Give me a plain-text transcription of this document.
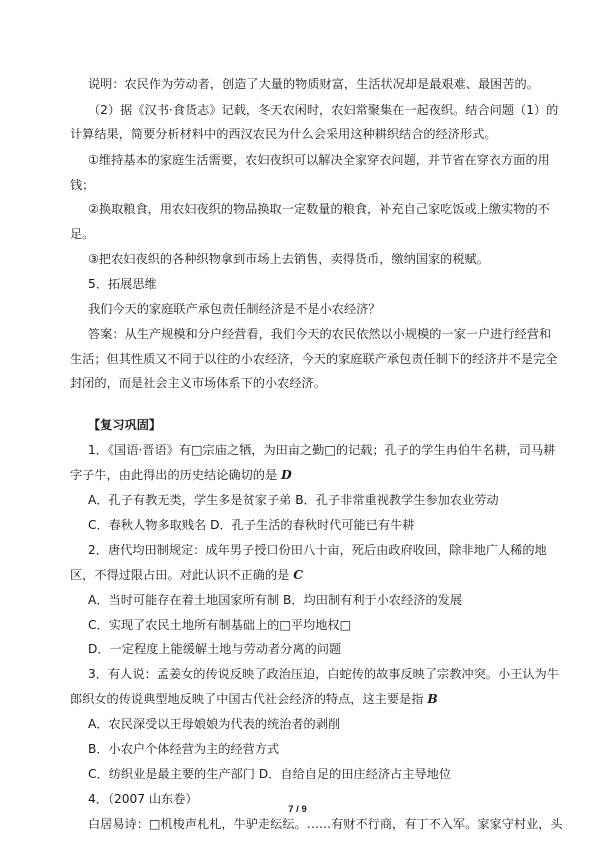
说明：农民作为劳动者，创造了大量的物质财富，生活状况却是最艰难、最困苦的。
（2）据《汉书·食货志》记载，冬天农闲时，农妇常聚集在一起夜织。结合问题（1）的
计算结果，简要分析材料中的西汉农民为什么会采用这种耕织结合的经济形式。
①维持基本的家庭生活需要，农妇夜织可以解决全家穿衣问题，并节省在穿衣方面的用
钱；
②换取粮食，用农妇夜织的物品换取一定数量的粮食，补充自己家吃饭或上缴实物的不
足。
③把农妇夜织的各种织物拿到市场上去销售，卖得货币，缴纳国家的税赋。
5．拓展思维
我们今天的家庭联产承包责任制经济是不是小农经济？
答案：从生产规模和分户经营看，我们今天的农民依然以小规模的一家一户进行经营和
生活；但其性质又不同于以往的小农经济，今天的家庭联产承包责任制下的经济并不是完全
封闭的，而是社会主义市场体系下的小农经济。
【复习巩固】
1．《国语·晋语》有□宗庙之牺，为田亩之勤□的记载；孔子的学生冉伯牛名耕，司马耕
字子牛，由此得出的历史结论确切的是 D
A．孔子有教无类，学生多是贫家子弟 B．孔子非常重视教学生参加农业劳动
C．春秋人物多取贱名 D．孔子生活的春秋时代可能已有牛耕
2．唐代均田制规定：成年男子授口份田八十亩，死后由政府收回，除非地广人稀的地
区，不得过限占田。对此认识不正确的是 C
A．当时可能存在着土地国家所有制 B．均田制有利于小农经济的发展
C．实现了农民土地所有制基础上的□平均地权□
D．一定程度上能缓解土地与劳动者分离的问题
3．有人说：孟姜女的传说反映了政治压迫，白蛇传的故事反映了宗教冲突。小王认为牛
郎织女的传说典型地反映了中国古代社会经济的特点，这主要是指 B
A．农民深受以王母娘娘为代表的统治者的剥削
B．小农户个体经营为主的经营方式
C．纺织业是最主要的生产部门 D．自给自足的田庄经济占主导地位
4．（2007 山东卷）
白居易诗：□机梭声札札，牛驴走纭纭。……有财不行商，有丁不入军。家家守村业，头
7 / 9
